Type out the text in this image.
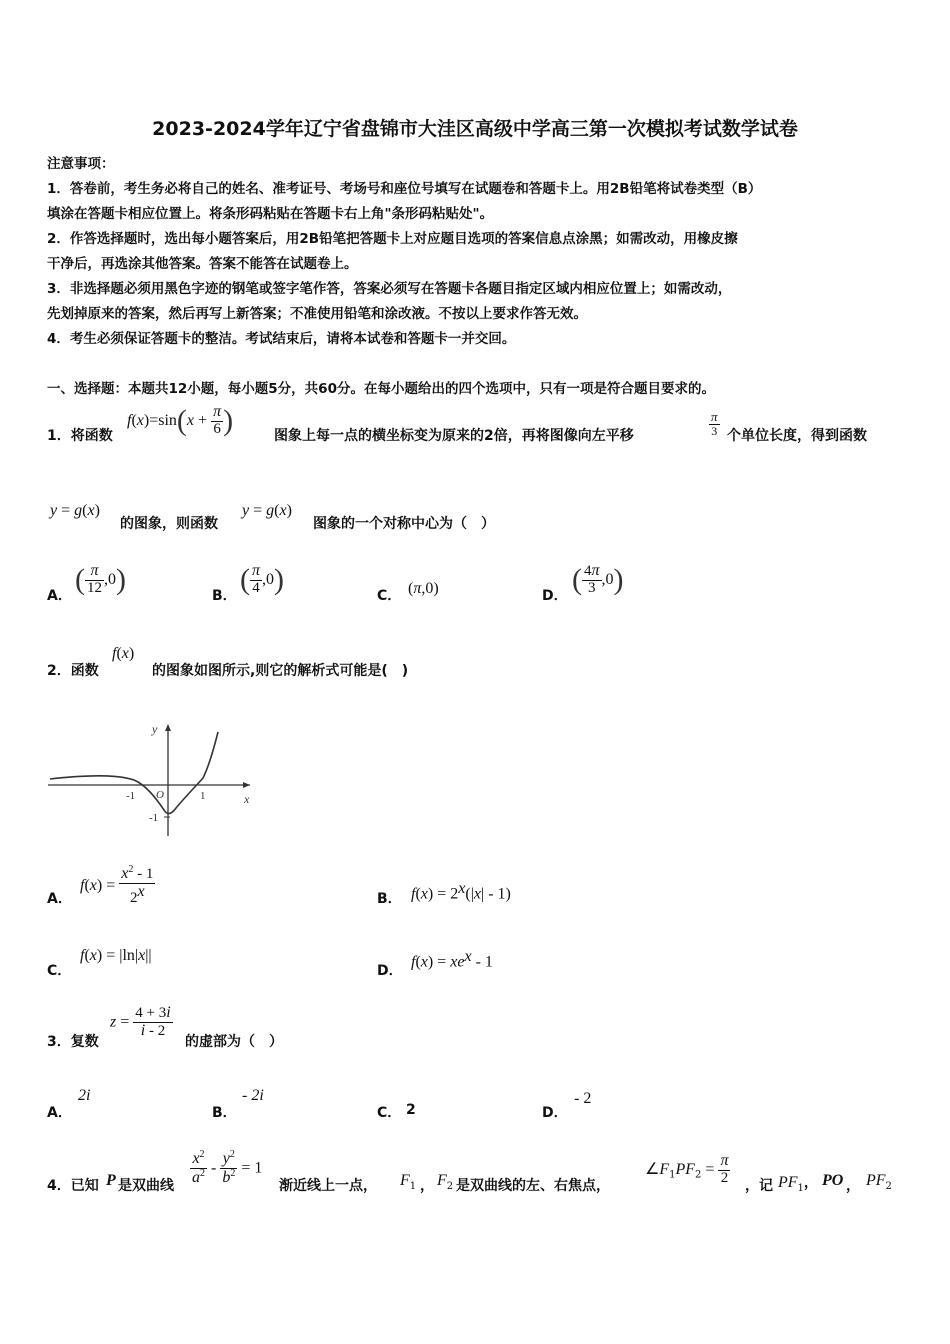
2023-2024学年辽宁省盘锦市大洼区高级中学高三第一次模拟考试数学试卷
注意事项：
1．答卷前，考生务必将自己的姓名、准考证号、考场号和座位号填写在试题卷和答题卡上。用2B铅笔将试卷类型（B）
填涂在答题卡相应位置上。将条形码粘贴在答题卡右上角"条形码粘贴处"。
2．作答选择题时，选出每小题答案后，用2B铅笔把答题卡上对应题目选项的答案信息点涂黑；如需改动，用橡皮擦
干净后，再选涂其他答案。答案不能答在试题卷上。
3．非选择题必须用黑色字迹的钢笔或签字笔作答，答案必须写在答题卡各题目指定区域内相应位置上；如需改动，
先划掉原来的答案，然后再写上新答案；不准使用铅笔和涂改液。不按以上要求作答无效。
4．考生必须保证答题卡的整洁。考试结束后，请将本试卷和答题卡一并交回。
一、选择题：本题共12小题，每小题5分，共60分。在每小题给出的四个选项中，只有一项是符合题目要求的。
1．将函数
$f(x)=\sin(x + \frac{\pi}{6}$ )	图象上每一点的横坐标变为原来的2倍，再将图像向左平移	$\frac{\pi}{3}$ 个单位长度，得到函数
y = g(x)
的图象，则函数
y = g(x)
图象的一个对称中心为（　）
A． ( $\frac{\pi}{12} ,0$)	B． ( $\frac{\pi}{4} ,0$)	C． (π,0)	D． ( $\frac{4\pi}{3} ,0$)
2．函数
f(x)
的图象如图所示,则它的解析式可能是(　)
y
x
O
-1	1
-1
A．
$f(x) = \frac{x^2 - 1}{2^x}$	B． $f(x) = 2^x(|x| - 1)$
C．
f(x) = |ln|x||
D．
$f(x) = xe^x - 1$
3．复数
$z = \frac{4 + 3i}{i - 2}$
的虚部为（　）
A．
2i
B．
- 2i
C． 2	D．
- 2
4．已知 P 是双曲线 $\frac{x^2}{a^2} - \frac{y^2}{b^2} = 1$
渐近线上一点， $F_1$ ， $F_2$ 是双曲线的左、右焦点，
$\angle F_1PF_2 = \frac{\pi}{2}$ ，记 $PF_1$， PO ， $PF_2$
